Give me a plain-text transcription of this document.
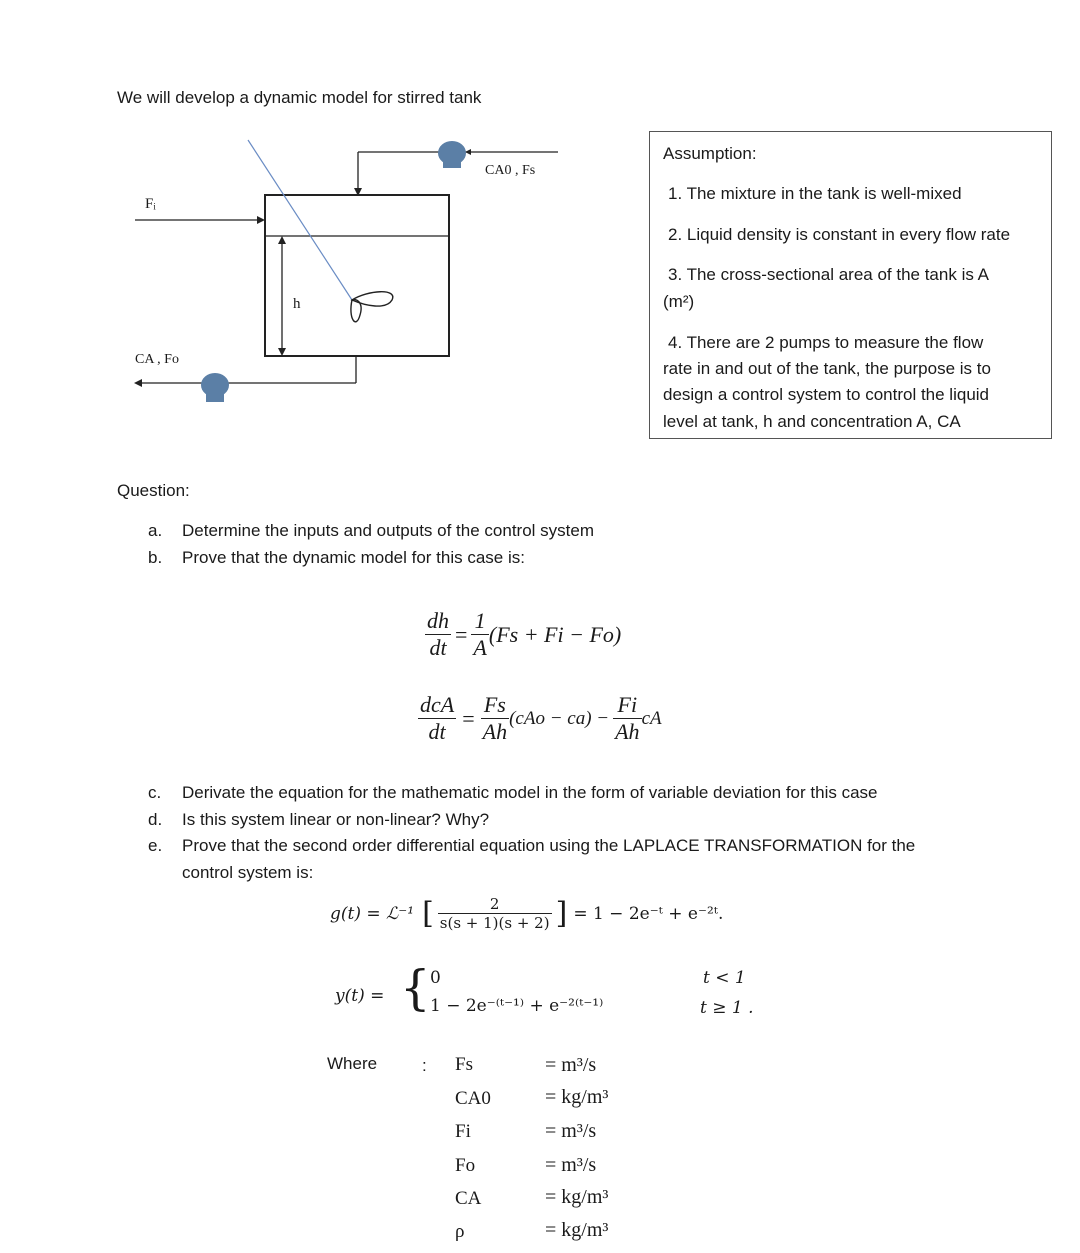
We will develop a dynamic model for stirred tank
Fᵢ
CA0 , Fs
h
CA , Fo
Assumption:
1. The mixture in the tank is well-mixed
2. Liquid density is constant in every flow rate
3. The cross-sectional area of the tank is A
(m²)
4. There are 2 pumps to measure the flow
rate in and out of the tank, the purpose is to
design a control system to control the liquid
level at tank, h and concentration A, CA
Question:
a. Determine the inputs and outputs of the control system
b. Prove that the dynamic model for this case is:
$\frac{dh}{dt} = \frac{1}{A} (Fs + Fi - Fo)$
$\frac{\text{dcA}}{dt} = \frac{Fs}{Ah} (cAo - ca) - \frac{Fi}{Ah}$ cA
c. Derivate the equation for the mathematic model in the form of variable deviation for this case
d. Is this system linear or non-linear? Why?
e. Prove that the second order differential equation using the LAPLACE TRANSFORMATION for the
control system is:
g(t) = ℒ⁻¹ [ $\frac{2}{s(s + 1)(s + 2)}$ ] = 1 − 2e⁻ᵗ + e⁻²ᵗ.
y(t) = { 0
1 − 2e⁻⁽ᵗ⁻¹⁾ + e⁻²⁽ᵗ⁻¹⁾
t < 1
t ≥ 1 .
Where	: Fs	= m³/s
CA0	= kg/m³
Fi	= m³/s
Fo	= m³/s
CA	= kg/m³
ρ	= kg/m³
